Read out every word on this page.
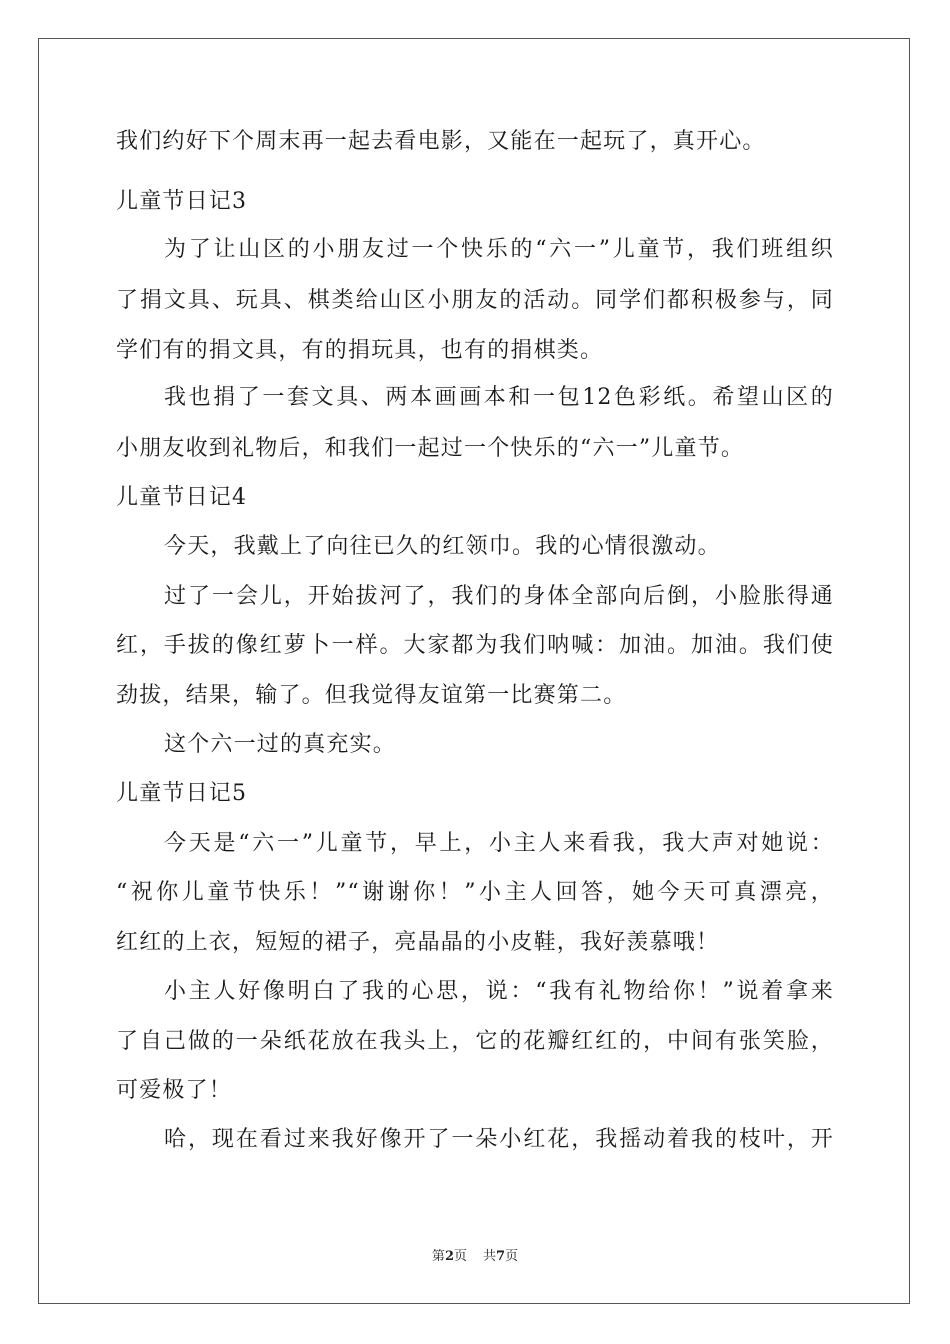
我们约好下个周末再一起去看电影，又能在一起玩了，真开心。
儿童节日记3
为了让山区的小朋友过一个快乐的“六一”儿童节，我们班组织
了捐文具、玩具、棋类给山区小朋友的活动。同学们都积极参与，同
学们有的捐文具，有的捐玩具，也有的捐棋类。
我也捐了一套文具、两本画画本和一包12色彩纸。希望山区的
小朋友收到礼物后，和我们一起过一个快乐的“六一”儿童节。
儿童节日记4
今天，我戴上了向往已久的红领巾。我的心情很激动。
过了一会儿，开始拔河了，我们的身体全部向后倒，小脸胀得通
红，手拔的像红萝卜一样。大家都为我们呐喊：加油。加油。我们使
劲拔，结果，输了。但我觉得友谊第一比赛第二。
这个六一过的真充实。
儿童节日记5
今天是“六一”儿童节，早上，小主人来看我，我大声对她说：
“祝你儿童节快乐！”“谢谢你！”小主人回答，她今天可真漂亮，
红红的上衣，短短的裙子，亮晶晶的小皮鞋，我好羡慕哦！
小主人好像明白了我的心思，说：“我有礼物给你！”说着拿来
了自己做的一朵纸花放在我头上，它的花瓣红红的，中间有张笑脸，
可爱极了！
哈，现在看过来我好像开了一朵小红花，我摇动着我的枝叶，开
第2页 共7页
